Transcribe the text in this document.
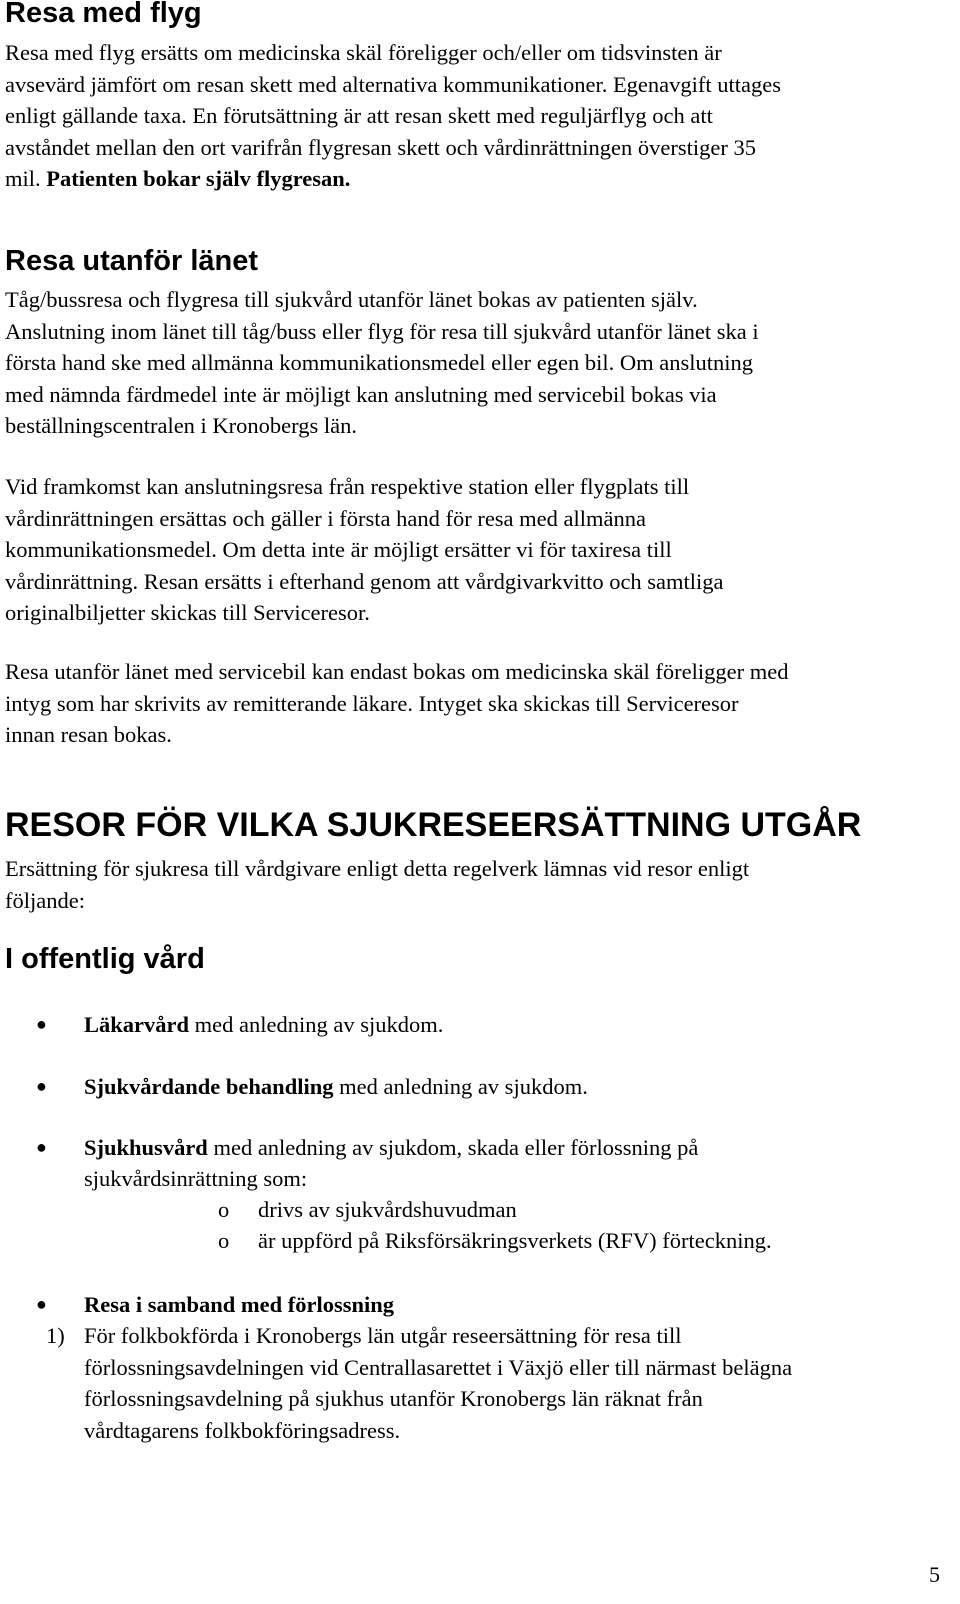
Resa med flyg
Resa med flyg ersätts om medicinska skäl föreligger och/eller om tidsvinsten är
avsevärd jämfört om resan skett med alternativa kommunikationer. Egenavgift uttages
enligt gällande taxa. En förutsättning är att resan skett med reguljärflyg och att
avståndet mellan den ort varifrån flygresan skett och vårdinrättningen överstiger 35
mil. Patienten bokar själv flygresan.
Resa utanför länet
Tåg/bussresa och flygresa till sjukvård utanför länet bokas av patienten själv.
Anslutning inom länet till tåg/buss eller flyg för resa till sjukvård utanför länet ska i
första hand ske med allmänna kommunikationsmedel eller egen bil. Om anslutning
med nämnda färdmedel inte är möjligt kan anslutning med servicebil bokas via
beställningscentralen i Kronobergs län.
Vid framkomst kan anslutningsresa från respektive station eller flygplats till
vårdinrättningen ersättas och gäller i första hand för resa med allmänna
kommunikationsmedel. Om detta inte är möjligt ersätter vi för taxiresa till
vårdinrättning. Resan ersätts i efterhand genom att vårdgivarkvitto och samtliga
originalbiljetter skickas till Serviceresor.
Resa utanför länet med servicebil kan endast bokas om medicinska skäl föreligger med
intyg som har skrivits av remitterande läkare. Intyget ska skickas till Serviceresor
innan resan bokas.
RESOR FÖR VILKA SJUKRESEERSÄTTNING UTGÅR
Ersättning för sjukresa till vårdgivare enligt detta regelverk lämnas vid resor enligt
följande:
I offentlig vård
● Läkarvård med anledning av sjukdom.
● Sjukvårdande behandling med anledning av sjukdom.
● Sjukhusvård med anledning av sjukdom, skada eller förlossning på
sjukvårdsinrättning som:
o drivs av sjukvårdshuvudman
o är uppförd på Riksförsäkringsverkets (RFV) förteckning.
● Resa i samband med förlossning
1) För folkbokförda i Kronobergs län utgår reseersättning för resa till
förlossningsavdelningen vid Centrallasarettet i Växjö eller till närmast belägna
förlossningsavdelning på sjukhus utanför Kronobergs län räknat från
vårdtagarens folkbokföringsadress.
5
